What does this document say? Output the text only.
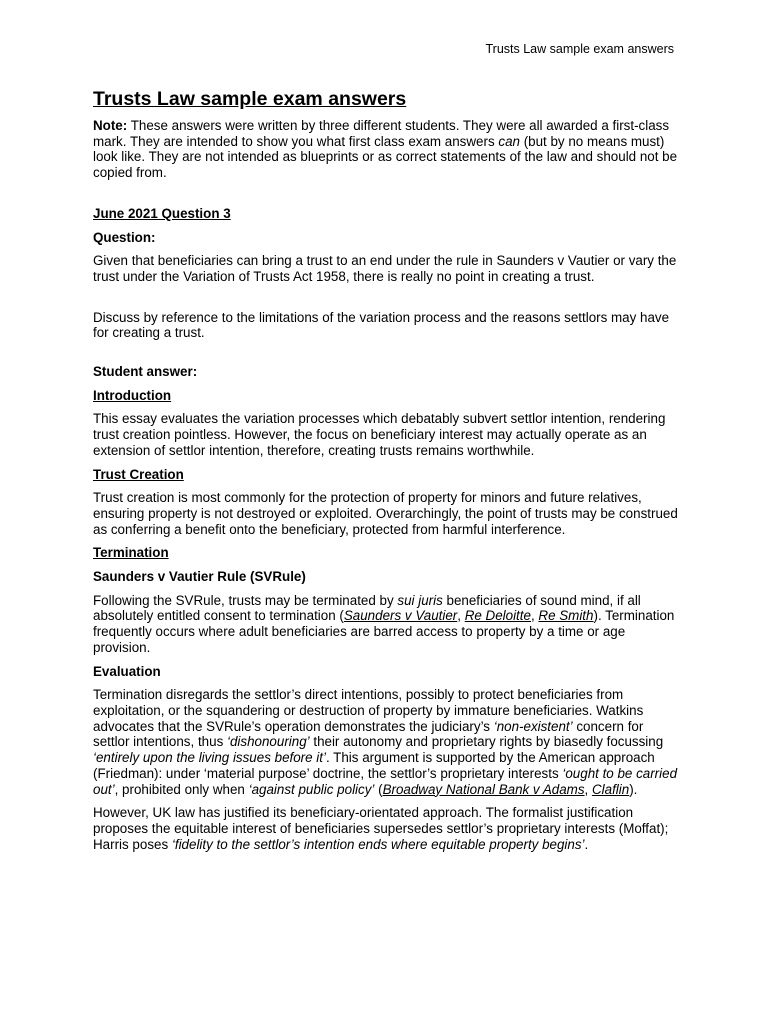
Trusts Law sample exam answers
Trusts Law sample exam answers

Note: These answers were written by three different students. They were all awarded a first-class mark. They are intended to show you what first class exam answers can (but by no means must) look like. They are not intended as blueprints or as correct statements of the law and should not be copied from.

June 2021 Question 3
Question:

Given that beneficiaries can bring a trust to an end under the rule in Saunders v Vautier or vary the trust under the Variation of Trusts Act 1958, there is really no point in creating a trust.

Discuss by reference to the limitations of the variation process and the reasons settlors may have for creating a trust.

Student answer:
Introduction

This essay evaluates the variation processes which debatably subvert settlor intention, rendering trust creation pointless. However, the focus on beneficiary interest may actually operate as an extension of settlor intention, therefore, creating trusts remains worthwhile.

Trust Creation

Trust creation is most commonly for the protection of property for minors and future relatives, ensuring property is not destroyed or exploited. Overarchingly, the point of trusts may be construed as conferring a benefit onto the beneficiary, protected from harmful interference.

Termination
Saunders v Vautier Rule (SVRule)

Following the SVRule, trusts may be terminated by sui juris beneficiaries of sound mind, if all absolutely entitled consent to termination (Saunders v Vautier, Re Deloitte, Re Smith). Termination frequently occurs where adult beneficiaries are barred access to property by a time or age provision.

Evaluation

Termination disregards the settlor’s direct intentions, possibly to protect beneficiaries from exploitation, or the squandering or destruction of property by immature beneficiaries. Watkins advocates that the SVRule’s operation demonstrates the judiciary’s ‘non-existent’ concern for settlor intentions, thus ‘dishonouring’ their autonomy and proprietary rights by biasedly focussing ‘entirely upon the living issues before it’. This argument is supported by the American approach (Friedman): under ‘material purpose’ doctrine, the settlor’s proprietary interests ‘ought to be carried out’, prohibited only when ‘against public policy’ (Broadway National Bank v Adams, Claflin).

However, UK law has justified its beneficiary-orientated approach. The formalist justification proposes the equitable interest of beneficiaries supersedes settlor’s proprietary interests (Moffat); Harris poses ‘fidelity to the settlor’s intention ends where equitable property begins’.
